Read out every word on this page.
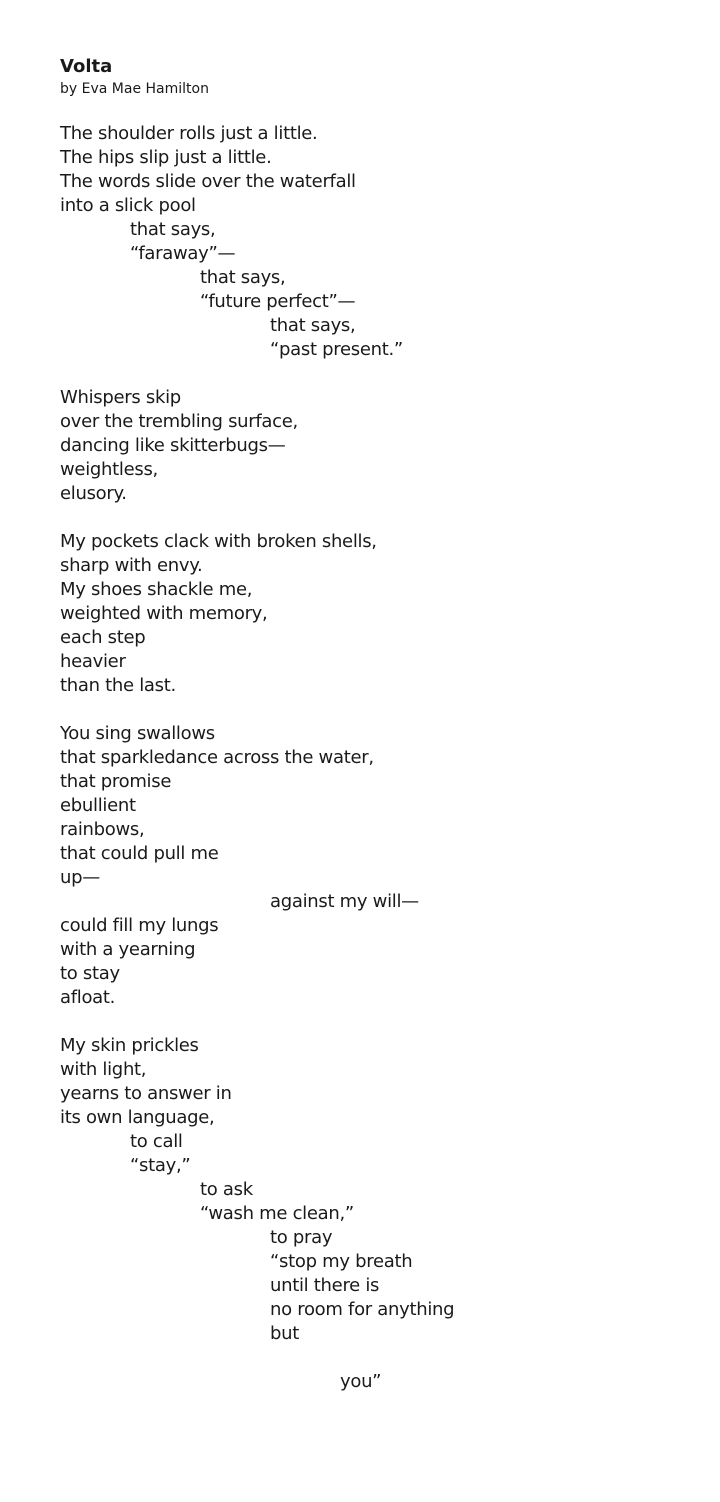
Volta

by Eva Mae Hamilton

The shoulder rolls just a little.
The hips slip just a little.
The words slide over the waterfall
into a slick pool
that says,
“faraway”—
that says,
“future perfect”—
that says,
“past present.”
Whispers skip
over the trembling surface,
dancing like skitterbugs—
weightless,
elusory.
My pockets clack with broken shells,
sharp with envy.
My shoes shackle me,
weighted with memory,
each step
heavier
than the last.
You sing swallows
that sparkledance across the water,
that promise
ebullient
rainbows,
that could pull me
up—
against my will—
could fill my lungs
with a yearning
to stay
afloat.
My skin prickles
with light,
yearns to answer in
its own language,
to call
“stay,”
to ask
“wash me clean,”
to pray
“stop my breath
until there is
no room for anything
but
you”
